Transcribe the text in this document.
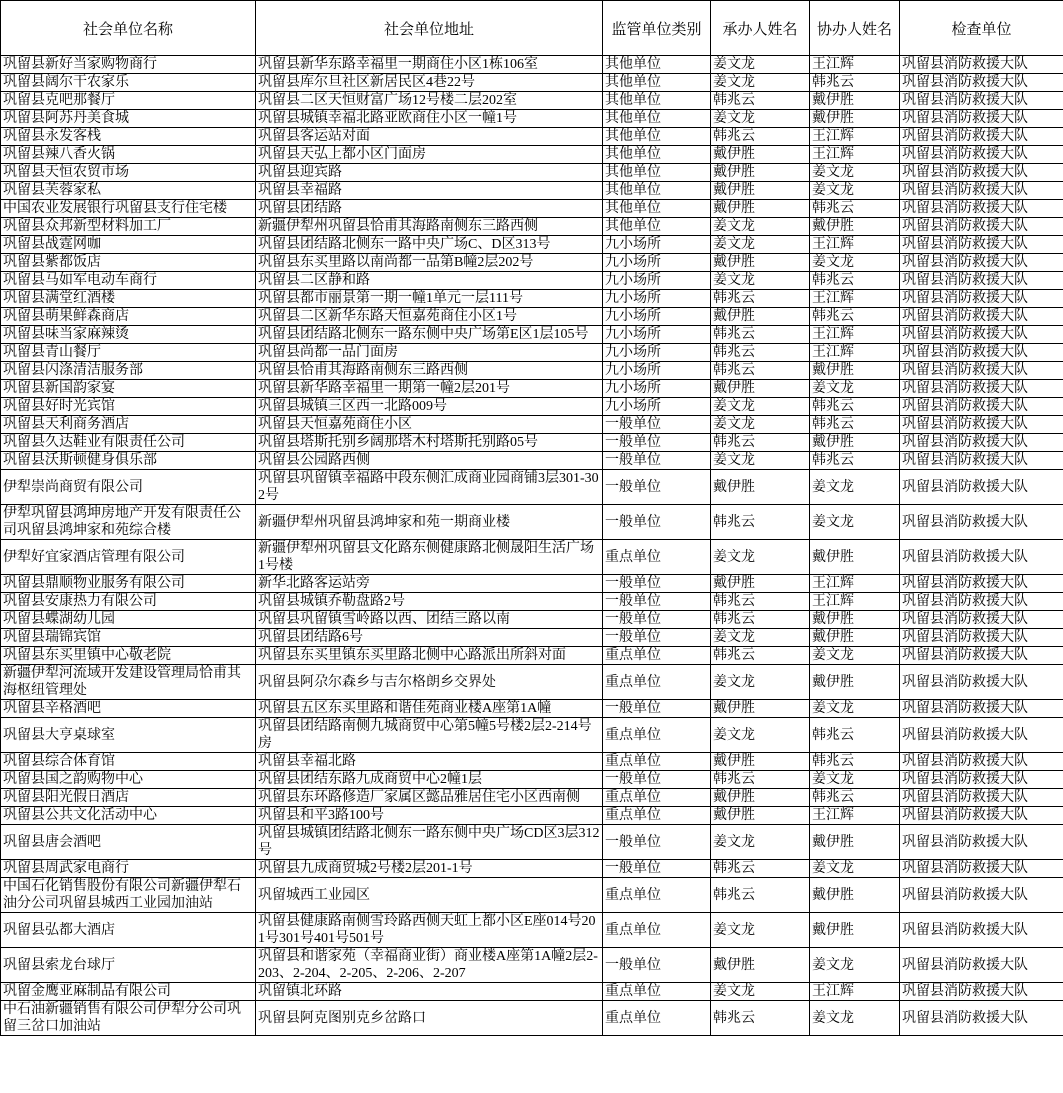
社会单位名称	社会单位地址	监管单位类别	承办人姓名	协办人姓名	检查单位
巩留县新好当家购物商行	巩留县新华东路幸福里一期商住小区1栋106室	其他单位	姜文龙	王江辉	巩留县消防救援大队
巩留县阔尔干农家乐	巩留县库尔旦社区新居民区4巷22号	其他单位	姜文龙	韩兆云	巩留县消防救援大队
巩留县克吧那餐厅	巩留县二区天恒财富广场12号楼二层202室	其他单位	韩兆云	戴伊胜	巩留县消防救援大队
巩留县阿苏丹美食城	巩留县城镇幸福北路亚欧商住小区一幢1号	其他单位	姜文龙	戴伊胜	巩留县消防救援大队
巩留县永发客栈	巩留县客运站对面	其他单位	韩兆云	王江辉	巩留县消防救援大队
巩留县辣八香火锅	巩留县天弘上都小区门面房	其他单位	戴伊胜	王江辉	巩留县消防救援大队
巩留县天恒农贸市场	巩留县迎宾路	其他单位	戴伊胜	姜文龙	巩留县消防救援大队
巩留县芙蓉家私	巩留县幸福路	其他单位	戴伊胜	姜文龙	巩留县消防救援大队
中国农业发展银行巩留县支行住宅楼	巩留县团结路	其他单位	戴伊胜	韩兆云	巩留县消防救援大队
巩留县众邦新型材料加工厂	新疆伊犁州巩留县恰甫其海路南侧东三路西侧	其他单位	姜文龙	戴伊胜	巩留县消防救援大队
巩留县战霆网咖	巩留县团结路北侧东一路中央广场C、D区313号	九小场所	姜文龙	王江辉	巩留县消防救援大队
巩留县紫都饭店	巩留县东买里路以南尚都一品第B幢2层202号	九小场所	戴伊胜	姜文龙	巩留县消防救援大队
巩留县马如军电动车商行	巩留县二区静和路	九小场所	姜文龙	韩兆云	巩留县消防救援大队
巩留县满堂红酒楼	巩留县都市丽景第一期一幢1单元一层111号	九小场所	韩兆云	王江辉	巩留县消防救援大队
巩留县萌果鲜森商店	巩留县二区新华东路天恒嘉苑商住小区1号	九小场所	戴伊胜	韩兆云	巩留县消防救援大队
巩留县味当家麻辣烫	巩留县团结路北侧东一路东侧中央广场第E区1层105号	九小场所	韩兆云	王江辉	巩留县消防救援大队
巩留县青山餐厅	巩留县尚都一品门面房	九小场所	韩兆云	王江辉	巩留县消防救援大队
巩留县闪涤清洁服务部	巩留县恰甫其海路南侧东三路西侧	九小场所	韩兆云	戴伊胜	巩留县消防救援大队
巩留县新国韵家宴	巩留县新华路幸福里一期第一幢2层201号	九小场所	戴伊胜	姜文龙	巩留县消防救援大队
巩留县好时光宾馆	巩留县城镇三区西一北路009号	九小场所	姜文龙	韩兆云	巩留县消防救援大队
巩留县天利商务酒店	巩留县天恒嘉苑商住小区	一般单位	姜文龙	韩兆云	巩留县消防救援大队
巩留县久达鞋业有限责任公司	巩留县塔斯托别乡阔那塔木村塔斯托别路05号	一般单位	韩兆云	戴伊胜	巩留县消防救援大队
巩留县沃斯顿健身俱乐部	巩留县公园路西侧	一般单位	姜文龙	韩兆云	巩留县消防救援大队
伊犁崇尚商贸有限公司	巩留县巩留镇幸福路中段东侧汇成商业园商铺3层301-302号	一般单位	戴伊胜	姜文龙	巩留县消防救援大队
伊犁巩留县鸿坤房地产开发有限责任公司巩留县鸿坤家和苑综合楼	新疆伊犁州巩留县鸿坤家和苑一期商业楼	一般单位	韩兆云	姜文龙	巩留县消防救援大队
伊犁好宜家酒店管理有限公司	新疆伊犁州巩留县文化路东侧健康路北侧晟阳生活广场1号楼	重点单位	姜文龙	戴伊胜	巩留县消防救援大队
巩留县鼎顺物业服务有限公司	新华北路客运站旁	一般单位	戴伊胜	王江辉	巩留县消防救援大队
巩留县安康热力有限公司	巩留县城镇乔勒盘路2号	一般单位	韩兆云	王江辉	巩留县消防救援大队
巩留县蝶湖幼儿园	巩留县巩留镇雪岭路以西、团结三路以南	一般单位	韩兆云	戴伊胜	巩留县消防救援大队
巩留县瑞锦宾馆	巩留县团结路6号	一般单位	姜文龙	戴伊胜	巩留县消防救援大队
巩留县东买里镇中心敬老院	巩留县东买里镇东买里路北侧中心路派出所斜对面	重点单位	韩兆云	姜文龙	巩留县消防救援大队
新疆伊犁河流域开发建设管理局恰甫其海枢纽管理处	巩留县阿尕尔森乡与吉尔格朗乡交界处	重点单位	姜文龙	戴伊胜	巩留县消防救援大队
巩留县辛格酒吧	巩留县五区东买里路和谐佳苑商业楼A座第1A幢	一般单位	戴伊胜	姜文龙	巩留县消防救援大队
巩留县大亨桌球室	巩留县团结路南侧九城商贸中心第5幢5号楼2层2-214号房	重点单位	姜文龙	韩兆云	巩留县消防救援大队
巩留县综合体育馆	巩留县幸福北路	重点单位	戴伊胜	韩兆云	巩留县消防救援大队
巩留县国之韵购物中心	巩留县团结东路九成商贸中心2幢1层	一般单位	韩兆云	姜文龙	巩留县消防救援大队
巩留县阳光假日酒店	巩留县东环路修造厂家属区懿品雅居住宅小区西南侧	重点单位	戴伊胜	韩兆云	巩留县消防救援大队
巩留县公共文化活动中心	巩留县和平3路100号	重点单位	戴伊胜	王江辉	巩留县消防救援大队
巩留县唐会酒吧	巩留县城镇团结路北侧东一路东侧中央广场CD区3层312号	一般单位	姜文龙	戴伊胜	巩留县消防救援大队
巩留县周武家电商行	巩留县九成商贸城2号楼2层201-1号	一般单位	韩兆云	姜文龙	巩留县消防救援大队
中国石化销售股份有限公司新疆伊犁石油分公司巩留县城西工业园加油站	巩留城西工业园区	重点单位	韩兆云	戴伊胜	巩留县消防救援大队
巩留县弘都大酒店	巩留县健康路南侧雪玲路西侧天虹上都小区E座014号201号301号401号501号	重点单位	姜文龙	戴伊胜	巩留县消防救援大队
巩留县索龙台球厅	巩留县和谐家苑（幸福商业街）商业楼A座第1A幢2层2-203、2-204、2-205、2-206、2-207	一般单位	戴伊胜	姜文龙	巩留县消防救援大队
巩留金鹰亚麻制品有限公司	巩留镇北环路	重点单位	姜文龙	王江辉	巩留县消防救援大队
中石油新疆销售有限公司伊犁分公司巩留三岔口加油站	巩留县阿克图别克乡岔路口	重点单位	韩兆云	姜文龙	巩留县消防救援大队
